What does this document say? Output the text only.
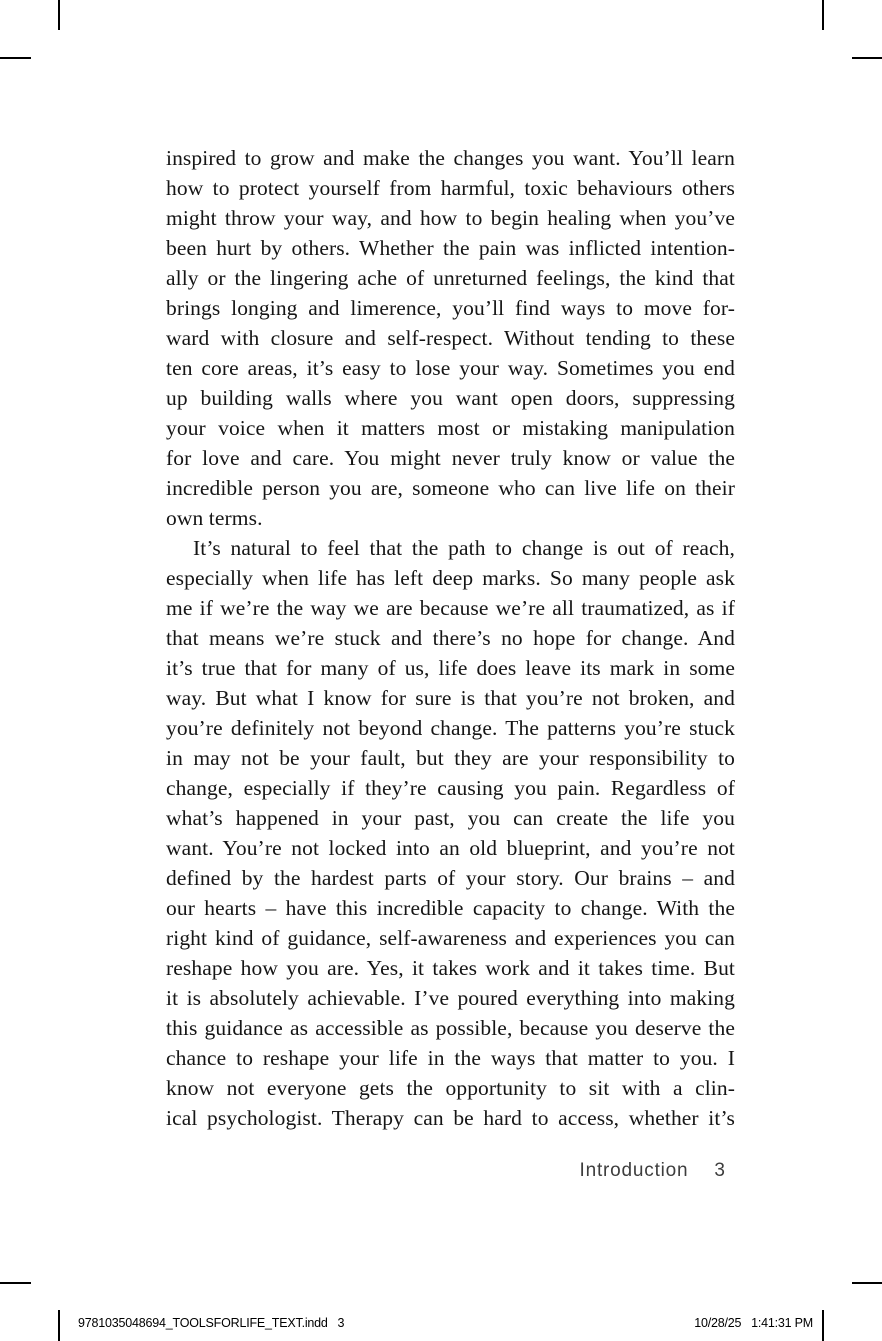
inspired to grow and make the changes you want. You’ll learn
how to protect yourself from harmful, toxic behaviours others
might throw your way, and how to begin healing when you’ve
been hurt by others. Whether the pain was inflicted intention-
ally or the lingering ache of unreturned feelings, the kind that
brings longing and limerence, you’ll find ways to move for-
ward with closure and self-respect. Without tending to these
ten core areas, it’s easy to lose your way. Sometimes you end
up building walls where you want open doors, suppressing
your voice when it matters most or mistaking manipulation
for love and care. You might never truly know or value the
incredible person you are, someone who can live life on their
own terms.
It’s natural to feel that the path to change is out of reach,
especially when life has left deep marks. So many people ask
me if we’re the way we are because we’re all traumatized, as if
that means we’re stuck and there’s no hope for change. And
it’s true that for many of us, life does leave its mark in some
way. But what I know for sure is that you’re not broken, and
you’re definitely not beyond change. The patterns you’re stuck
in may not be your fault, but they are your responsibility to
change, especially if they’re causing you pain. Regardless of
what’s happened in your past, you can create the life you
want. You’re not locked into an old blueprint, and you’re not
defined by the hardest parts of your story. Our brains – and
our hearts – have this incredible capacity to change. With the
right kind of guidance, self-awareness and experiences you can
reshape how you are. Yes, it takes work and it takes time. But
it is absolutely achievable. I’ve poured everything into making
this guidance as accessible as possible, because you deserve the
chance to reshape your life in the ways that matter to you. I
know not everyone gets the opportunity to sit with a clin-
ical psychologist. Therapy can be hard to access, whether it’s
Introduction 3
9781035048694_TOOLSFORLIFE_TEXT.indd   3	10/28/25   1:41:31 PM
